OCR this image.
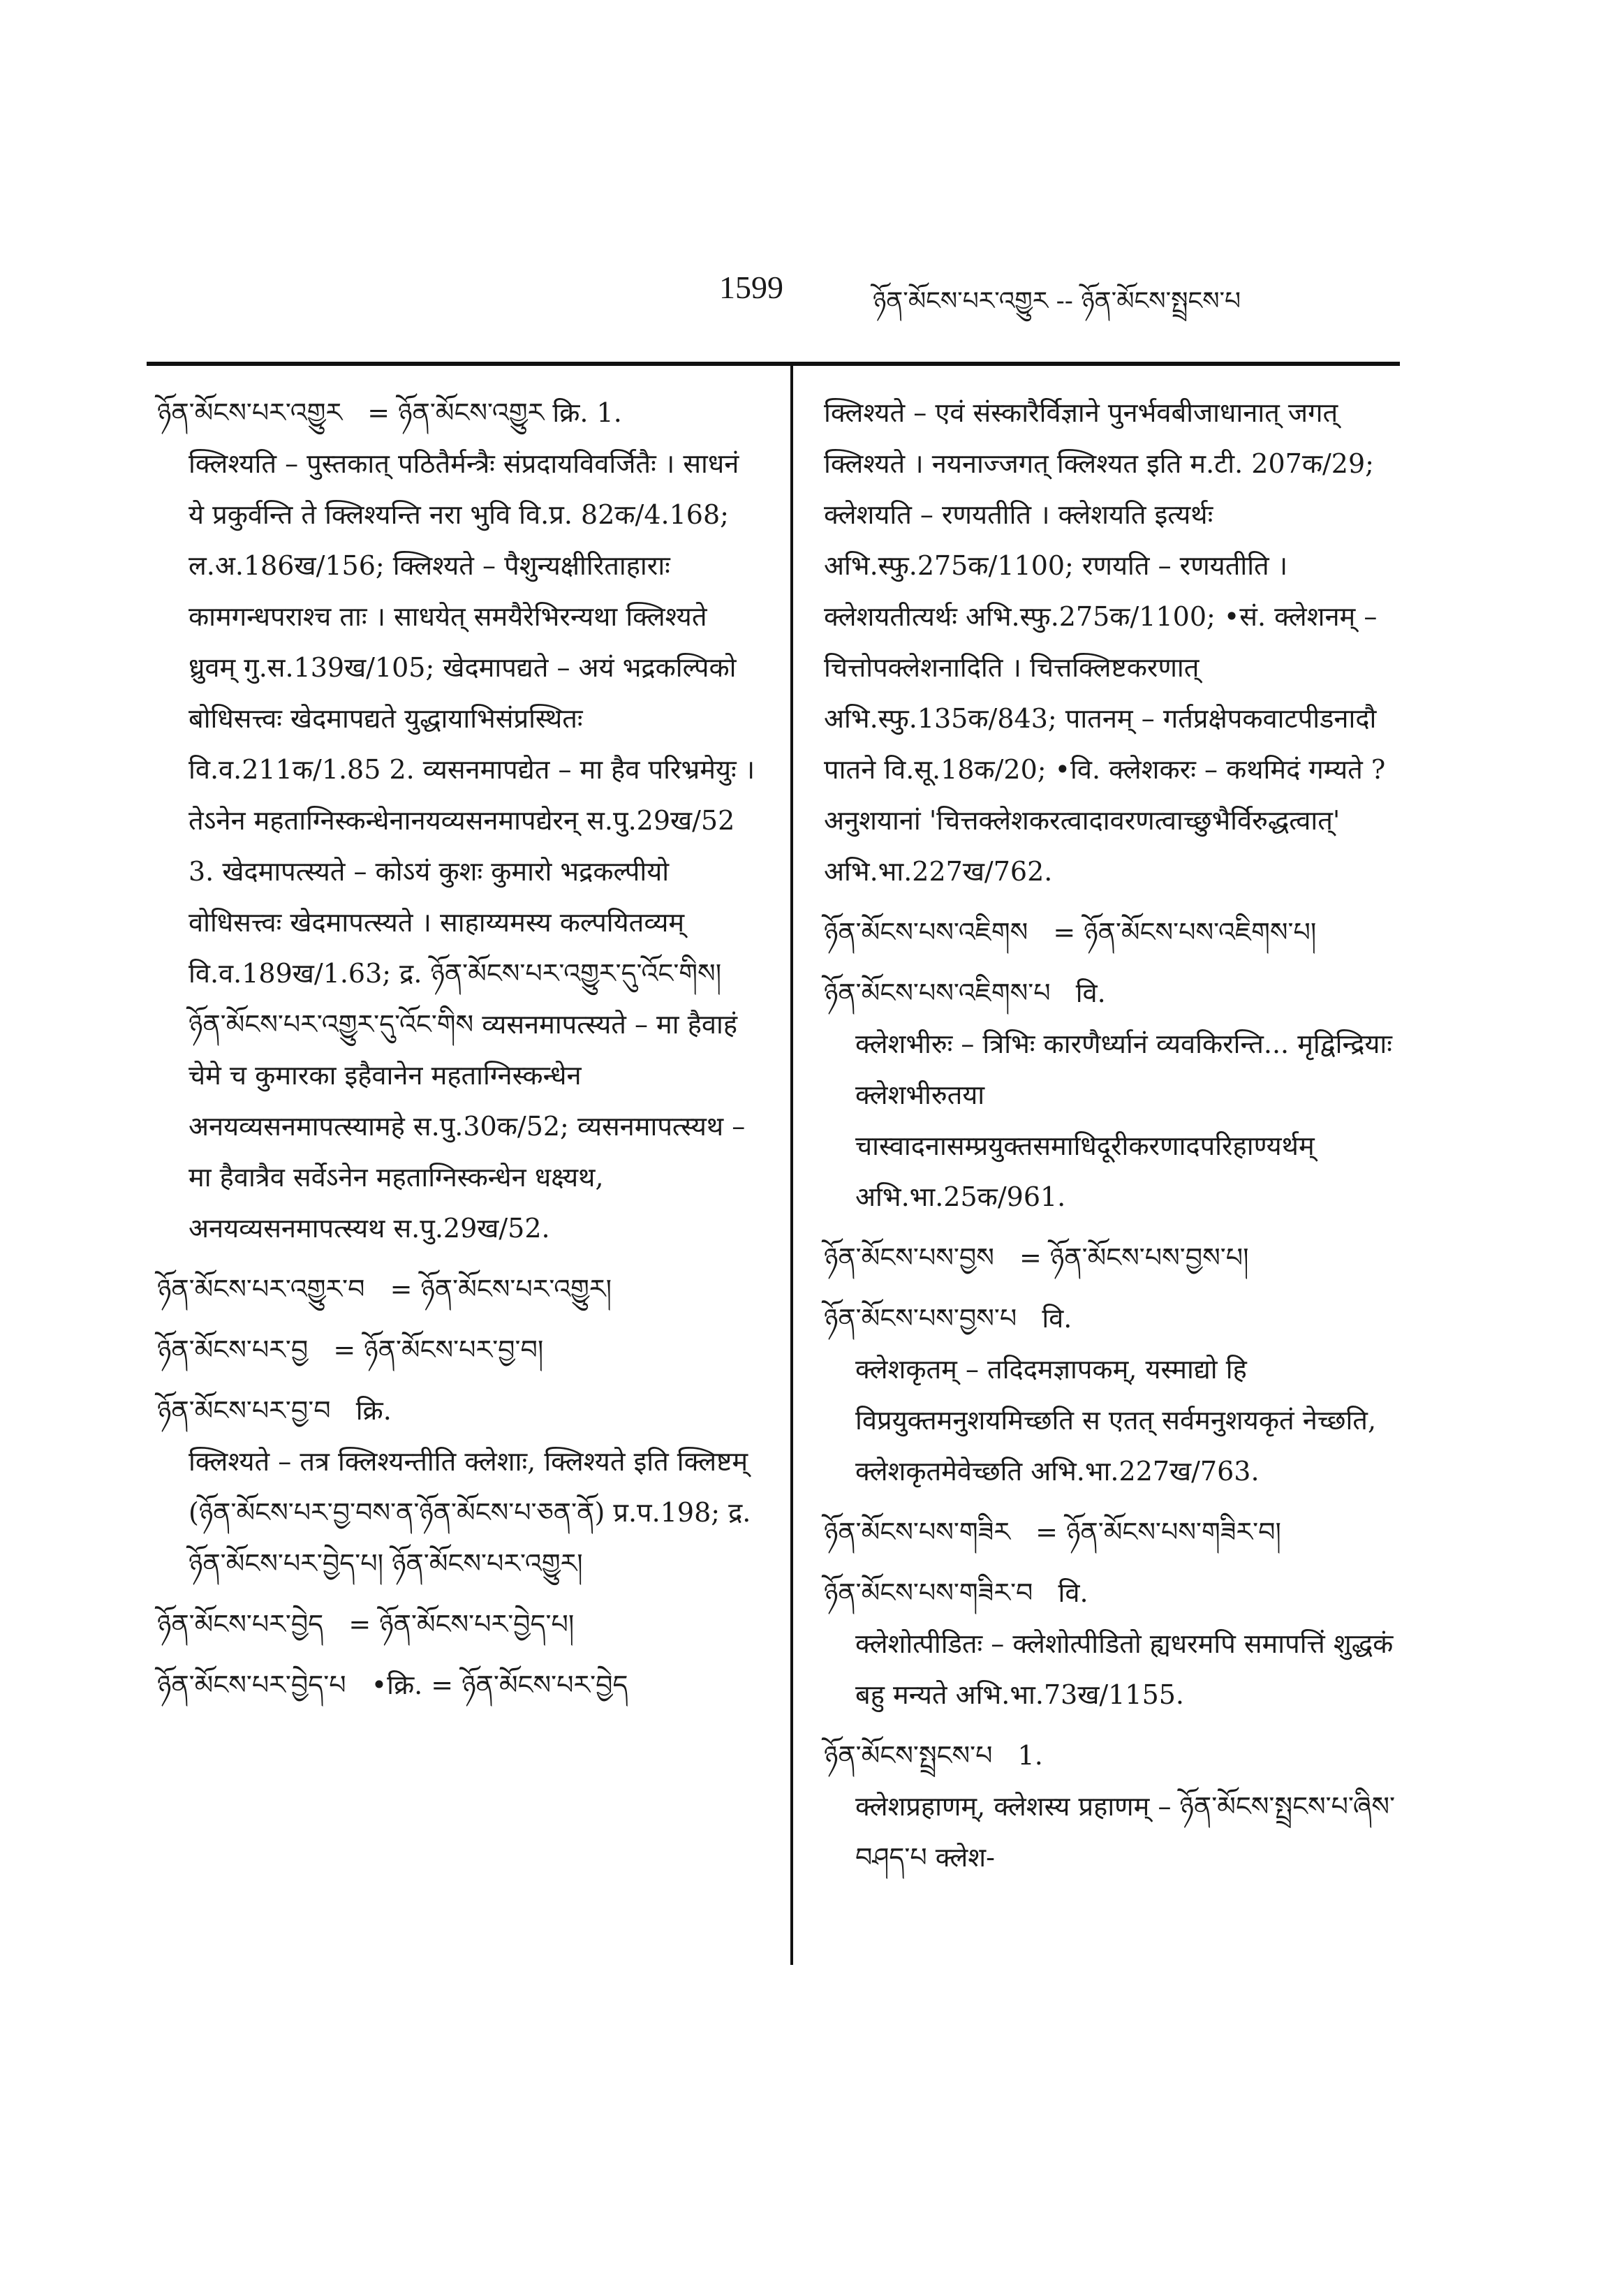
1599	ཉོན་མོངས་པར་འགྱུར -- ཉོན་མོངས་སྤྲངས་པ
ཉོན་མོངས་པར་འགྱུར = ཉོན་མོངས་འགྱུར क्रि. 1.
क्लिश्यति – पुस्तकात् पठितैर्मन्त्रैः संप्रदायविवर्जितैः । साधनं ये प्रकुर्वन्ति ते क्लिश्यन्ति नरा भुवि वि.प्र. 82क/4.168; ल.अ.186ख/156; क्लिश्यते – पैशुन्यक्षीरिताहाराः कामगन्धपराश्च ताः । साधयेत् समयैरेभिरन्यथा क्लिश्यते ध्रुवम् गु.स.139ख/105; खेदमापद्यते – अयं भद्रकल्पिको बोधिसत्त्वः खेदमापद्यते युद्धायाभिसंप्रस्थितः वि.व.211क/1.85 2. व्यसनमापद्येत – मा हैव परिभ्रमेयुः । तेऽनेन महताग्निस्कन्धेनानयव्यसनमापद्येरन् स.पु.29ख/52 3. खेदमापत्स्यते – कोऽयं कुशः कुमारो भद्रकल्पीयो वोधिसत्त्वः खेदमापत्स्यते । साहाय्यमस्य कल्पयितव्यम् वि.व.189ख/1.63; द्र. ཉོན་མོངས་པར་འགྱུར་དུ་འོང་གིས།
ཉོན་མོངས་པར་འགྱུར་དུ་འོང་གིས व्यसनमापत्स्यते – मा हैवाहं चेमे च कुमारका इहैवानेन महताग्निस्कन्धेन अनयव्यसनमापत्स्यामहे स.पु.30क/52; व्यसनमापत्स्यथ – मा हैवात्रैव सर्वेऽनेन महताग्निस्कन्धेन धक्ष्यथ, अनयव्यसनमापत्स्यथ स.पु.29ख/52.
ཉོན་མོངས་པར་འགྱུར་བ = ཉོན་མོངས་པར་འགྱུར།
ཉོན་མོངས་པར་བྱ = ཉོན་མོངས་པར་བྱ་བ།
ཉོན་མོངས་པར་བྱ་བ क्रि.
क्लिश्यते – तत्र क्लिश्यन्तीति क्लेशाः, क्लिश्यते इति क्लिष्टम् (ཉོན་མོངས་པར་བྱ་བས་ན་ཉོན་མོངས་པ་ཅན་ནོ) प्र.प.198; द्र. ཉོན་མོངས་པར་བྱེད་པ། ཉོན་མོངས་པར་འགྱུར།
ཉོན་མོངས་པར་བྱེད = ཉོན་མོངས་པར་བྱེད་པ།
ཉོན་མོངས་པར་བྱེད་པ •क्रि. = ཉོན་མོངས་པར་བྱེད
क्लिश्यते – एवं संस्कारैर्विज्ञाने पुनर्भवबीजाधानात् जगत् क्लिश्यते । नयनाज्जगत् क्लिश्यत इति म.टी. 207क/29; क्लेशयति – रणयतीति । क्लेशयति इत्यर्थः अभि.स्फु.275क/1100; रणयति – रणयतीति । क्लेशयतीत्यर्थः अभि.स्फु.275क/1100; •सं. क्लेशनम् – चित्तोपक्लेशनादिति । चित्तक्लिष्टकरणात् अभि.स्फु.135क/843; पातनम् – गर्तप्रक्षेपकवाटपीडनादौ पातने वि.सू.18क/20; •वि. क्लेशकरः – कथमिदं गम्यते ? अनुशयानां 'चित्तक्लेशकरत्वादावरणत्वाच्छुभैर्विरुद्धत्वात्' अभि.भा.227ख/762.
ཉོན་མོངས་པས་འཇིགས = ཉོན་མོངས་པས་འཇིགས་པ།
ཉོན་མོངས་པས་འཇིགས་པ वि.
क्लेशभीरुः – त्रिभिः कारणैर्ध्यानं व्यवकिरन्ति... मृद्विन्द्रियाः क्लेशभीरुतया चास्वादनासम्प्रयुक्तसमाधिदूरीकरणादपरिहाण्यर्थम् अभि.भा.25क/961.
ཉོན་མོངས་པས་བྱས = ཉོན་མོངས་པས་བྱས་པ།
ཉོན་མོངས་པས་བྱས་པ वि.
क्लेशकृतम् – तदिदमज्ञापकम्, यस्माद्यो हि विप्रयुक्तमनुशयमिच्छति स एतत् सर्वमनुशयकृतं नेच्छति, क्लेशकृतमेवेच्छति अभि.भा.227ख/763.
ཉོན་མོངས་པས་གཟིར = ཉོན་མོངས་པས་གཟིར་བ།
ཉོན་མོངས་པས་གཟིར་བ वि.
क्लेशोत्पीडितः – क्लेशोत्पीडितो ह्यधरमपि समापत्तिं शुद्धकं बहु मन्यते अभि.भा.73ख/1155.
ཉོན་མོངས་སྤྲངས་པ 1.
क्लेशप्रहाणम्, क्लेशस्य प्रहाणम् – ཉོན་མོངས་སྤྲངས་པ་ཞིས་བཤད་པ क्लेश-
